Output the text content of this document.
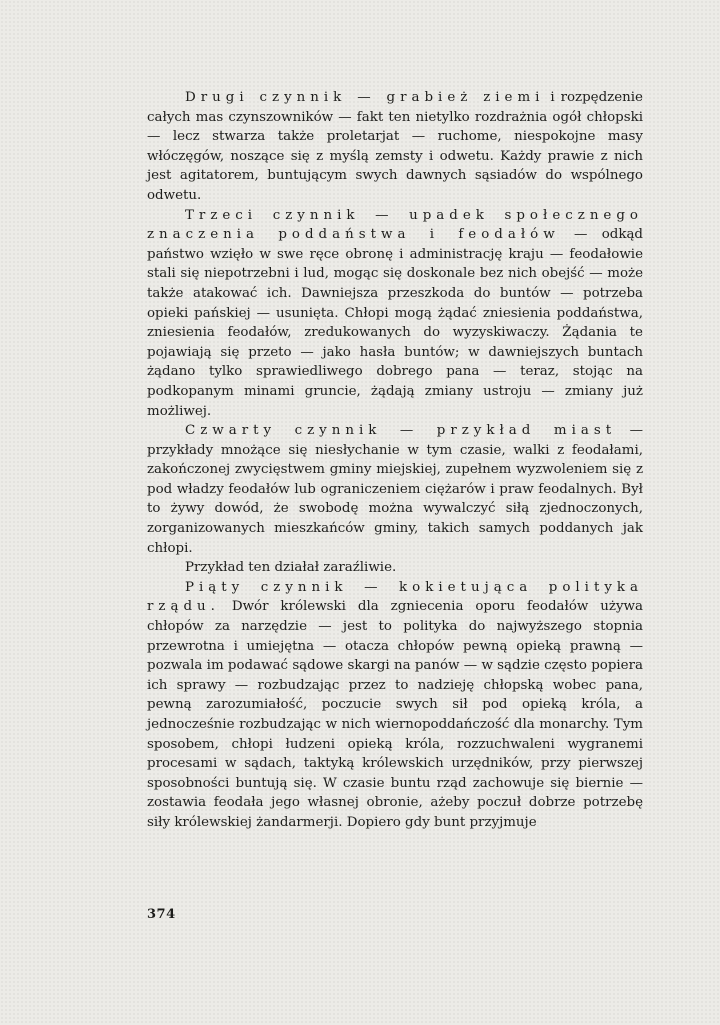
Drugi czynnik — grabież ziemi i rozpędzenie całych mas czynszowników — fakt ten nietylko rozdrażnia ogół chłopski — lecz stwarza także proletarjat — ruchome, niespokojne masy włóczęgów, noszące się z myślą zemsty i odwetu. Każdy prawie z nich jest agitatorem, buntującym swych dawnych sąsiadów do wspólnego odwetu.

Trzeci czynnik — upadek społecznego znaczenia poddaństwa i feodałów — odkąd państwo wzięło w swe ręce obronę i administrację kraju — feodałowie stali się niepotrzebni i lud, mogąc się doskonale bez nich obejść — może także atakować ich. Dawniejsza przeszkoda do buntów — potrzeba opieki pańskiej — usunięta. Chłopi mogą żądać zniesienia poddaństwa, zniesienia feodałów, zredukowanych do wyzyskiwaczy. Żądania te pojawiają się przeto — jako hasła buntów; w dawniejszych buntach żądano tylko sprawiedliwego dobrego pana — teraz, stojąc na podkopanym minami gruncie, żądają zmiany ustroju — zmiany już możliwej.

Czwarty czynnik — przykład miast — przykłady mnożące się niesłychanie w tym czasie, walki z feodałami, zakończonej zwycięstwem gminy miejskiej, zupełnem wyzwoleniem się z pod władzy feodałów lub ograniczeniem ciężarów i praw feodalnych. Był to żywy dowód, że swobodę można wywalczyć siłą zjednoczonych, zorganizowanych mieszkańców gminy, takich samych poddanych jak chłopi.

Przykład ten działał zaraźliwie.

Piąty czynnik — kokietująca polityka rządu. Dwór królewski dla zgniecenia oporu feodałów używa chłopów za narzędzie — jest to polityka do najwyższego stopnia przewrotna i umiejętna — otacza chłopów pewną opieką prawną — pozwala im podawać sądowe skargi na panów — w sądzie często popiera ich sprawy — rozbudzając przez to nadzieję chłopską wobec pana, pewną zarozumiałość, poczucie swych sił pod opieką króla, a jednocześnie rozbudzając w nich wiernopoddańczość dla monarchy. Tym sposobem, chłopi łudzeni opieką króla, rozzuchwaleni wygranemi procesami w sądach, taktyką królewskich urzędników, przy pierwszej sposobności buntują się. W czasie buntu rząd zachowuje się biernie — zostawia feodała jego własnej obronie, ażeby poczuł dobrze potrzebę siły królewskiej żandarmerji. Dopiero gdy bunt przyjmuje

374
